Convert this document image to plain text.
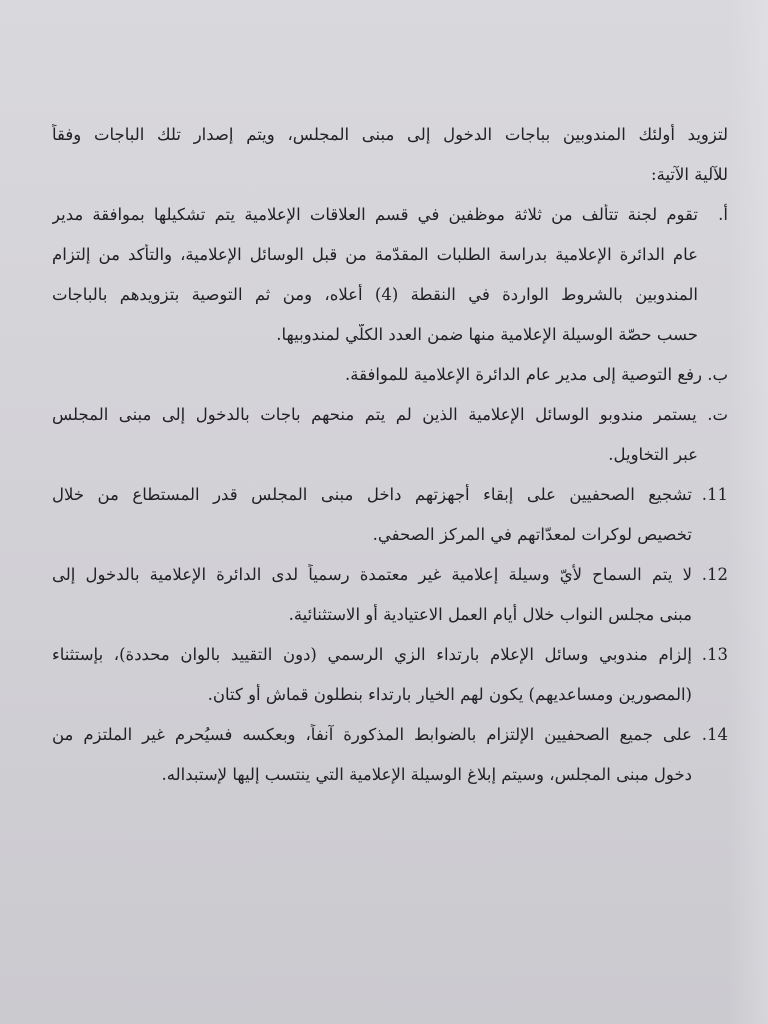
لتزويد أولئك المندوبين بباجات الدخول إلى مبنى المجلس، ويتم إصدار تلك الباجات وفقاً
للآلية الآتية:
أ.
تقوم لجنة تتألف من ثلاثة موظفين في قسم العلاقات الإعلامية يتم تشكيلها بموافقة مدير
عام الدائرة الإعلامية بدراسة الطلبات المقدّمة من قبل الوسائل الإعلامية، والتأكد من إلتزام
المندوبين بالشروط الواردة في النقطة (4) أعلاه، ومن ثم التوصية بتزويدهم بالباجات
حسب حصّة الوسيلة الإعلامية منها ضمن العدد الكلّي لمندوبيها.
ب. رفع التوصية إلى مدير عام الدائرة الإعلامية للموافقة.
ت. يستمر مندوبو الوسائل الإعلامية الذين لم يتم منحهم باجات بالدخول إلى مبنى المجلس
عبر التخاويل.
11.
تشجيع الصحفيين على إبقاء أجهزتهم داخل مبنى المجلس قدر المستطاع من خلال
تخصيص لوكرات لمعدّاتهم في المركز الصحفي.
12.
لا يتم السماح لأيّ وسيلة إعلامية غير معتمدة رسمياً لدى الدائرة الإعلامية بالدخول إلى
مبنى مجلس النواب خلال أيام العمل الاعتيادية أو الاستثنائية.
13.
إلزام مندوبي وسائل الإعلام بارتداء الزي الرسمي (دون التقييد بالوان محددة)، بإستثناء
(المصورين ومساعديهم) يكون لهم الخيار بارتداء بنطلون قماش أو كتان.
14.
على جميع الصحفيين الإلتزام بالضوابط المذكورة آنفاً، وبعكسه فسيُحرم غير الملتزم من
دخول مبنى المجلس، وسيتم إبلاغ الوسيلة الإعلامية التي ينتسب إليها لإستبداله.
